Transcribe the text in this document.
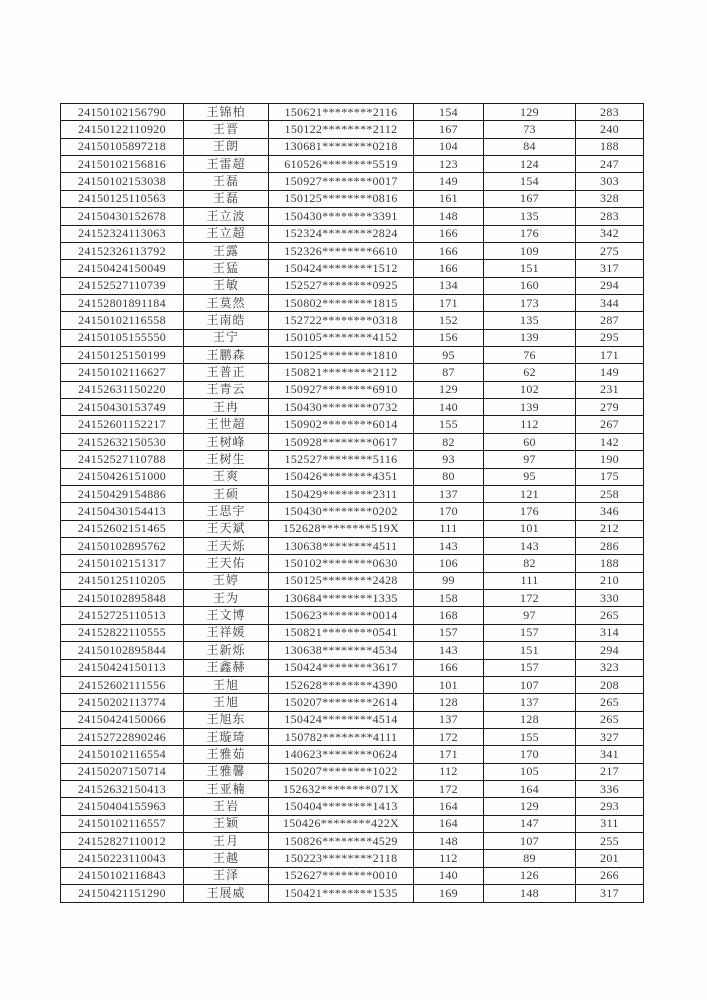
24150102156790	王锦柏	150621********2116	154	129	283
24150122110920	王晋	150122********2112	167	73	240
24150105897218	王朗	130681********0218	104	84	188
24150102156816	王雷超	610526********5519	123	124	247
24150102153038	王磊	150927********0017	149	154	303
24150125110563	王磊	150125********0816	161	167	328
24150430152678	王立波	150430********3391	148	135	283
24152324113063	王立超	152324********2824	166	176	342
24152326113792	王露	152326********6610	166	109	275
24150424150049	王猛	150424********1512	166	151	317
24152527110739	王敏	152527********0925	134	160	294
24152801891184	王莫然	150802********1815	171	173	344
24150102116558	王南皓	152722********0318	152	135	287
24150105155550	王宁	150105********4152	156	139	295
24150125150199	王鹏森	150125********1810	95	76	171
24150102116627	王普正	150821********2112	87	62	149
24152631150220	王青云	150927********6910	129	102	231
24150430153749	王冉	150430********0732	140	139	279
24152601152217	王世超	150902********6014	155	112	267
24152632150530	王树峰	150928********0617	82	60	142
24152527110788	王树生	152527********5116	93	97	190
24150426151000	王爽	150426********4351	80	95	175
24150429154886	王硕	150429********2311	137	121	258
24150430154413	王思宇	150430********0202	170	176	346
24152602151465	王天斌	152628********519X	111	101	212
24150102895762	王天烁	130638********4511	143	143	286
24150102151317	王天佑	150102********0630	106	82	188
24150125110205	王婷	150125********2428	99	111	210
24150102895848	王为	130684********1335	158	172	330
24152725110513	王文博	150623********0014	168	97	265
24152822110555	王祥媛	150821********0541	157	157	314
24150102895844	王新烁	130638********4534	143	151	294
24150424150113	王鑫赫	150424********3617	166	157	323
24152602111556	王旭	152628********4390	101	107	208
24150202113774	王旭	150207********2614	128	137	265
24150424150066	王旭东	150424********4514	137	128	265
24152722890246	王璇琦	150782********4111	172	155	327
24150102116554	王雅茹	140623********0624	171	170	341
24150207150714	王雅馨	150207********1022	112	105	217
24152632150413	王亚楠	152632********071X	172	164	336
24150404155963	王岩	150404********1413	164	129	293
24150102116557	王颖	150426********422X	164	147	311
24152827110012	王月	150826********4529	148	107	255
24150223110043	王越	150223********2118	112	89	201
24150102116843	王泽	152627********0010	140	126	266
24150421151290	王展威	150421********1535	169	148	317
